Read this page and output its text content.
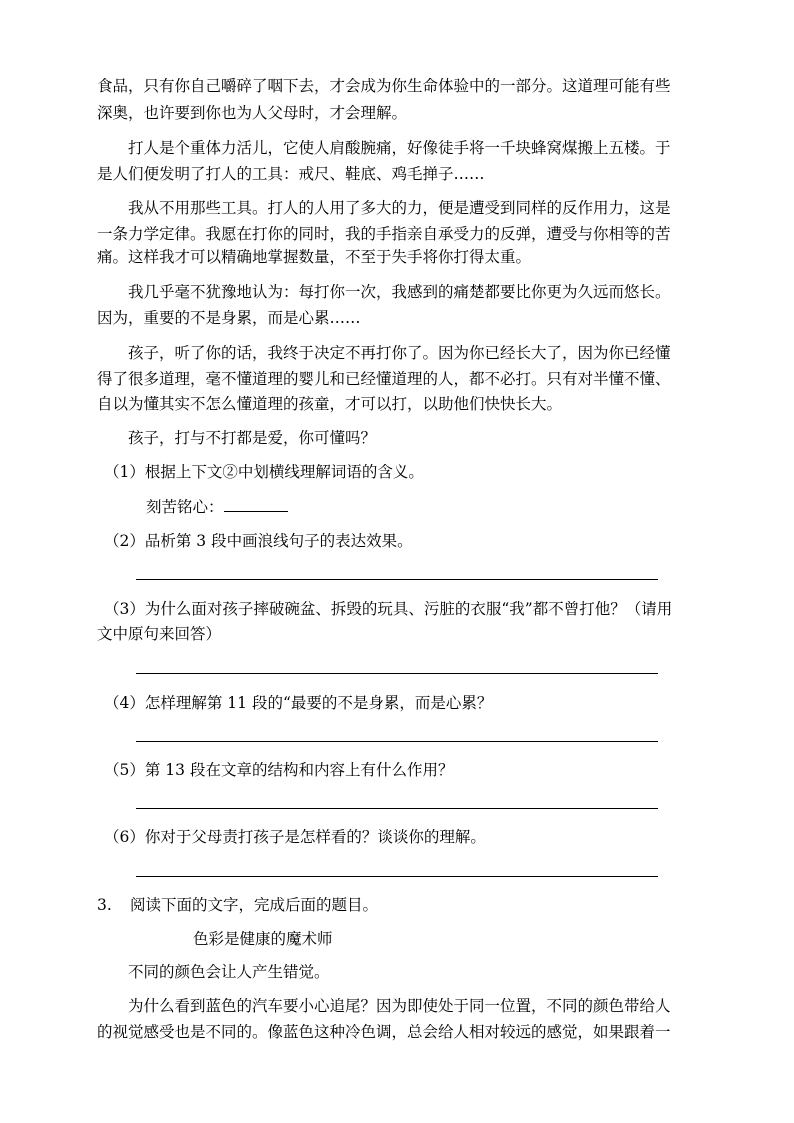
食品，只有你自己嚼碎了咽下去，才会成为你生命体验中的一部分。这道理可能有些
深奥，也许要到你也为人父母时，才会理解。
打人是个重体力活儿，它使人肩酸腕痛，好像徒手将一千块蜂窝煤搬上五楼。于
是人们便发明了打人的工具：戒尺、鞋底、鸡毛掸子……
我从不用那些工具。打人的人用了多大的力，便是遭受到同样的反作用力，这是
一条力学定律。我愿在打你的同时，我的手指亲自承受力的反弹，遭受与你相等的苦
痛。这样我才可以精确地掌握数量，不至于失手将你打得太重。
我几乎毫不犹豫地认为：每打你一次，我感到的痛楚都要比你更为久远而悠长。
因为，重要的不是身累，而是心累……
孩子，听了你的话，我终于决定不再打你了。因为你已经长大了，因为你已经懂
得了很多道理，毫不懂道理的婴儿和已经懂道理的人，都不必打。只有对半懂不懂、
自以为懂其实不怎么懂道理的孩童，才可以打，以助他们快快长大。
孩子，打与不打都是爱，你可懂吗？
（1）根据上下文②中划横线理解词语的含义。
刻苦铭心：
（2）品析第 3 段中画浪线句子的表达效果。
（3）为什么面对孩子摔破碗盆、拆毁的玩具、污脏的衣服“我”都不曾打他？（请用
文中原句来回答）
（4）怎样理解第 11 段的“最要的不是身累，而是心累？
（5）第 13 段在文章的结构和内容上有什么作用？
（6）你对于父母责打孩子是怎样看的？谈谈你的理解。
3. 阅读下面的文字，完成后面的题目。
色彩是健康的魔术师
不同的颜色会让人产生错觉。
为什么看到蓝色的汽车要小心追尾？因为即使处于同一位置，不同的颜色带给人
的视觉感受也是不同的。像蓝色这种冷色调，总会给人相对较远的感觉，如果跟着一
